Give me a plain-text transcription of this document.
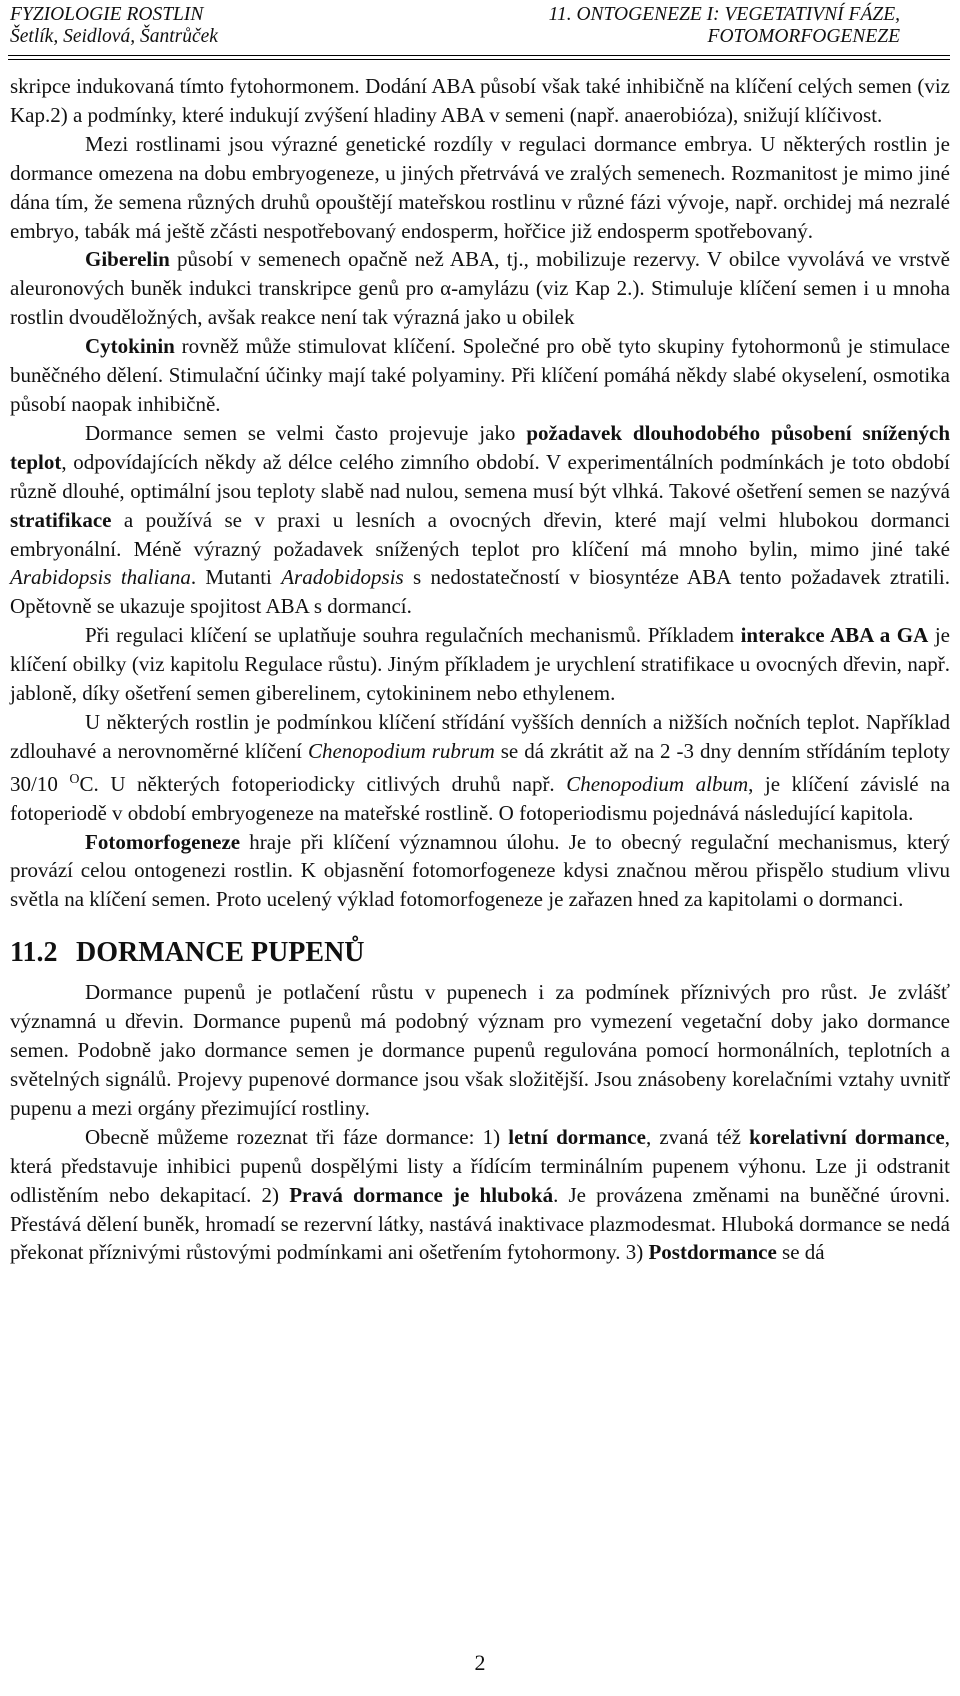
FYZIOLOGIE ROSTLIN
Šetlík, Seidlová, Šantrůček
11. ONTOGENEZE I: VEGETATIVNÍ FÁZE,
FOTOMORFOGENEZE

skripce indukovaná tímto fytohormonem. Dodání ABA působí však také inhibičně na klíčení celých semen (viz Kap.2) a podmínky, které indukují zvýšení hladiny ABA v semeni (např. anaerobióza), snižují klíčivost.

Mezi rostlinami jsou výrazné genetické rozdíly v regulaci dormance embrya. U některých rostlin je dormance omezena na dobu embryogeneze, u jiných přetrvává ve zralých semenech. Rozmanitost je mimo jiné dána tím, že semena různých druhů opouštějí mateřskou rostlinu v různé fázi vývoje, např. orchidej má nezralé embryo, tabák má ještě zčásti nespotřebovaný endosperm, hořčice již endosperm spotřebovaný.

Giberelin působí v semenech opačně než ABA, tj., mobilizuje rezervy. V obilce vyvolává ve vrstvě aleuronových buněk indukci transkripce genů pro α-amylázu (viz Kap 2.). Stimuluje klíčení semen i u mnoha rostlin dvouděložných, avšak reakce není tak výrazná jako u obilek

Cytokinin rovněž může stimulovat klíčení. Společné pro obě tyto skupiny fytohormonů je stimulace buněčného dělení. Stimulační účinky mají také polyaminy. Při klíčení pomáhá někdy slabé okyselení, osmotika působí naopak inhibičně.

Dormance semen se velmi často projevuje jako požadavek dlouhodobého působení snížených teplot, odpovídajících někdy až délce celého zimního období. V experimentálních podmínkách je toto období různě dlouhé, optimální jsou teploty slabě nad nulou, semena musí být vlhká. Takové ošetření semen se nazývá stratifikace a používá se v praxi u lesních a ovocných dřevin, které mají velmi hlubokou dormanci embryonální. Méně výrazný požadavek snížených teplot pro klíčení má mnoho bylin, mimo jiné také Arabidopsis thaliana. Mutanti Aradobidopsis s nedostatečností v biosyntéze ABA tento požadavek ztratili. Opětovně se ukazuje spojitost ABA s dormancí.

Při regulaci klíčení se uplatňuje souhra regulačních mechanismů. Příkladem interakce ABA a GA je klíčení obilky (viz kapitolu Regulace růstu). Jiným příkladem je urychlení stratifikace u ovocných dřevin, např. jabloně, díky ošetření semen giberelinem, cytokininem nebo ethylenem.

U některých rostlin je podmínkou klíčení střídání vyšších denních a nižších nočních teplot. Například zdlouhavé a nerovnoměrné klíčení Chenopodium rubrum se dá zkrátit až na 2 -3 dny denním střídáním teploty 30/10 $^O$C. U některých fotoperiodicky citlivých druhů např. Chenopodium album, je klíčení závislé na fotoperiodě v období embryogeneze na mateřské rostlině. O fotoperiodismu pojednává následující kapitola.

Fotomorfogeneze hraje při klíčení významnou úlohu. Je to obecný regulační mechanismus, který provází celou ontogenezi rostlin. K objasnění fotomorfogeneze kdysi značnou měrou přispělo studium vlivu světla na klíčení semen. Proto ucelený výklad fotomorfogeneze je zařazen hned za kapitolami o dormanci.

11.2 DORMANCE PUPENŮ

Dormance pupenů je potlačení růstu v pupenech i za podmínek příznivých pro růst. Je zvlášť významná u dřevin. Dormance pupenů má podobný význam pro vymezení vegetační doby jako dormance semen. Podobně jako dormance semen je dormance pupenů regulována pomocí hormonálních, teplotních a světelných signálů. Projevy pupenové dormance jsou však složitější. Jsou znásobeny korelačními vztahy uvnitř pupenu a mezi orgány přezimující rostliny.

Obecně můžeme rozeznat tři fáze dormance: 1) letní dormance, zvaná též korelativní dormance, která představuje inhibici pupenů dospělými listy a řídícím terminálním pupenem výhonu. Lze ji odstranit odlistěním nebo dekapitací. 2) Pravá dormance je hluboká. Je provázena změnami na buněčné úrovni. Přestává dělení buněk, hromadí se rezervní látky, nastává inaktivace plazmodesmat. Hluboká dormance se nedá překonat příznivými růstovými podmínkami ani ošetřením fytohormony. 3) Postdormance se dá

2
